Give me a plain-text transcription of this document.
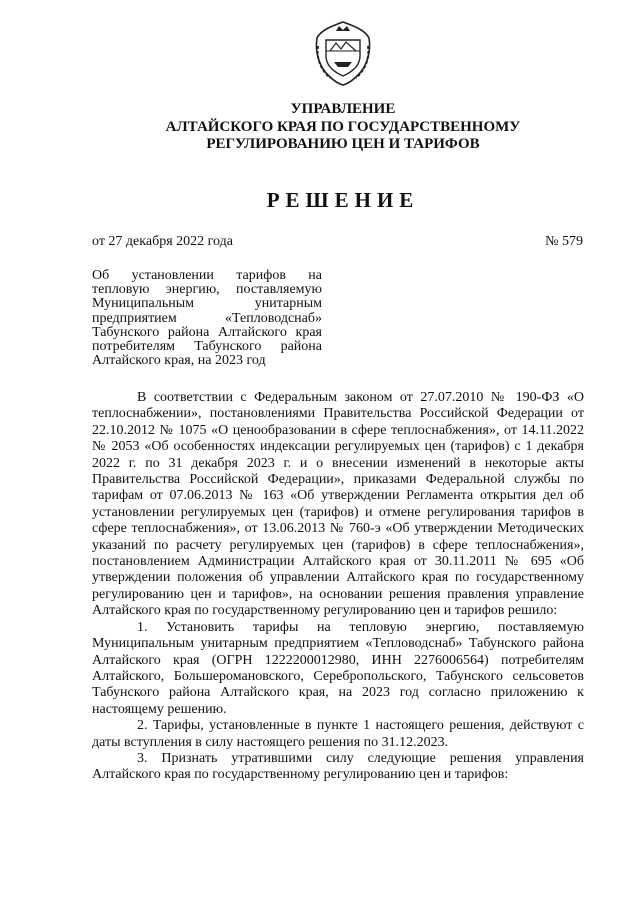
УПРАВЛЕНИЕ
АЛТАЙСКОГО КРАЯ ПО ГОСУДАРСТВЕННОМУ
РЕГУЛИРОВАНИЮ ЦЕН И ТАРИФОВ
РЕШЕНИЕ
от 27 декабря 2022 года	№ 579
Об установлении тарифов на тепловую энергию, поставляемую Муниципальным унитарным предприятием «Тепловодснаб» Табунского района Алтайского края потребителям Табунского района Алтайского края, на 2023 год

В соответствии с Федеральным законом от 27.07.2010 № 190-ФЗ «О теплоснабжении», постановлениями Правительства Российской Федерации от 22.10.2012 № 1075 «О ценообразовании в сфере теплоснабжения», от 14.11.2022 № 2053 «Об особенностях индексации регулируемых цен (тарифов) с 1 декабря 2022 г. по 31 декабря 2023 г. и о внесении изменений в некоторые акты Правительства Российской Федерации», приказами Федеральной службы по тарифам от 07.06.2013 № 163 «Об утверждении Регламента открытия дел об установлении регулируемых цен (тарифов) и отмене регулирования тарифов в сфере теплоснабжения», от 13.06.2013 № 760-э «Об утверждении Методических указаний по расчету регулируемых цен (тарифов) в сфере теплоснабжения», постановлением Администрации Алтайского края от 30.11.2011 № 695 «Об утверждении положения об управлении Алтайского края по государственному регулированию цен и тарифов», на основании решения правления управление Алтайского края по государственному регулированию цен и тарифов решило:

1. Установить тарифы на тепловую энергию, поставляемую Муниципальным унитарным предприятием «Тепловодснаб» Табунского района Алтайского края (ОГРН 1222200012980, ИНН 2276006564) потребителям Алтайского, Большеромановского, Серебропольского, Табунского сельсоветов Табунского района Алтайского края, на 2023 год согласно приложению к настоящему решению.

2. Тарифы, установленные в пункте 1 настоящего решения, действуют с даты вступления в силу настоящего решения по 31.12.2023.

3. Признать утратившими силу следующие решения управления Алтайского края по государственному регулированию цен и тарифов:
